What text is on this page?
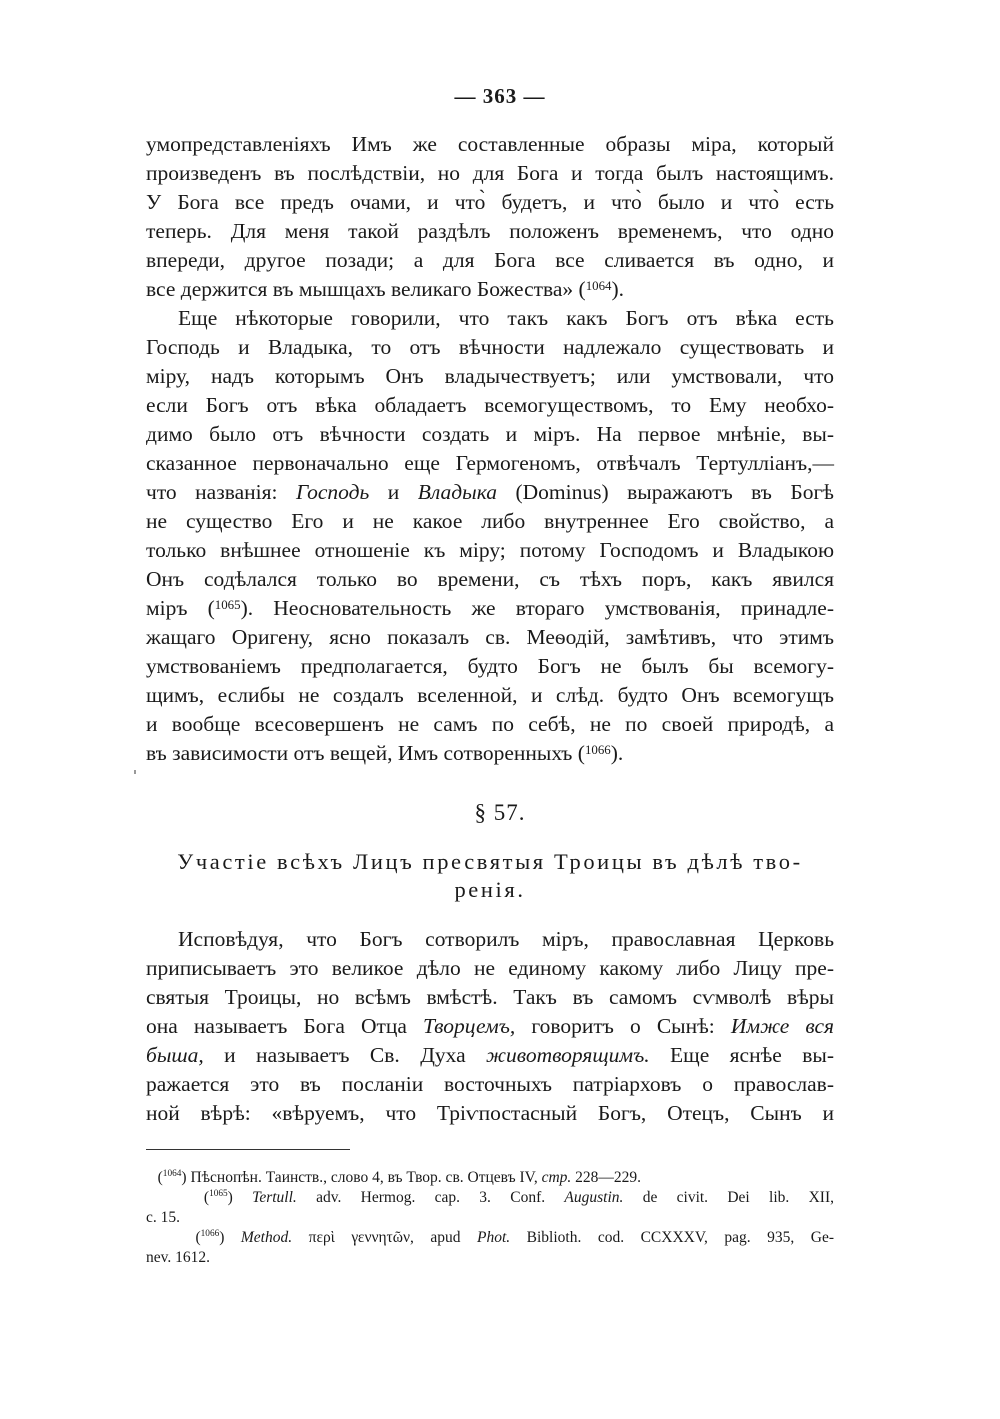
— 363 —

умопредставленіяхъ Имъ же составленные образы міра, который

произведенъ въ послѣдствіи, но для Бога и тогда былъ настоящимъ.

У Бога все предъ очами, и что̀ будетъ, и что̀ было и что̀ есть

теперь. Для меня такой раздѣлъ положенъ временемъ, что одно

впереди, другое позади; а для Бога все сливается въ одно, и

все держится въ мышцахъ великаго Божества» ($^{1064}$).

Еще нѣкоторые говорили, что такъ какъ Богъ отъ вѣка есть

Господь и Владыка, то отъ вѣчности надлежало существовать и

міру, надъ которымъ Онъ владычествуетъ; или умствовали, что

если Богъ отъ вѣка обладаетъ всемогуществомъ, то Ему необхо-

димо было отъ вѣчности создать и міръ. На первое мнѣніе, вы-

сказанное первоначально еще Гермогеномъ, отвѣчалъ Тертулліанъ,—

что названія: Господь и Владыка (Dominus) выражаютъ въ Богѣ

не существо Его и не какое либо внутреннее Его свойство, а

только внѣшнее отношеніе къ міру; потому Господомъ и Владыкою

Онъ содѣлался только во времени, съ тѣхъ поръ, какъ явился

міръ ($^{1065}$). Неосновательность же втораго умствованія, принадле-

жащаго Оригену, ясно показалъ св. Меѳодій, замѣтивъ, что этимъ

умствованіемъ предполагается, будто Богъ не былъ бы всемогу-

щимъ, еслибы не создалъ вселенной, и слѣд. будто Онъ всемогущъ

и вообще всесовершенъ не самъ по себѣ, не по своей природѣ, а

въ зависимости отъ вещей, Имъ сотворенныхъ ($^{1066}$).

§ 57.
Участіе всѣхъ Лицъ пресвятыя Троицы въ дѣлѣ тво-
ренія.

Исповѣдуя, что Богъ сотворилъ міръ, православная Церковь

приписываетъ это великое дѣло не единому какому либо Лицу пре-

святыя Троицы, но всѣмъ вмѣстѣ. Такъ въ самомъ сѵмволѣ вѣры

она называетъ Бога Отца Творцемъ, говоритъ о Сынѣ: Имже вся

быша, и называетъ Св. Духа животворящимъ. Еще яснѣе вы-

ражается это въ посланіи восточныхъ патріарховъ о православ-

ной вѣрѣ: «вѣруемъ, что Тріѵпостасный Богъ, Отецъ, Сынъ и

($^{1064}$) Пѣснопѣн. Таинств., слово 4, въ Твор. св. Отцевъ IV, стр. 228—229.

($^{1065}$) Tertull. adv. Hermog. cap. 3. Conf. Augustin. de civit. Dei lib. XII,

c. 15.

($^{1066}$) Method. περὶ γεννητῶν, apud Phot. Biblioth. cod. CCXXXV, pag. 935, Ge-

nev. 1612.
